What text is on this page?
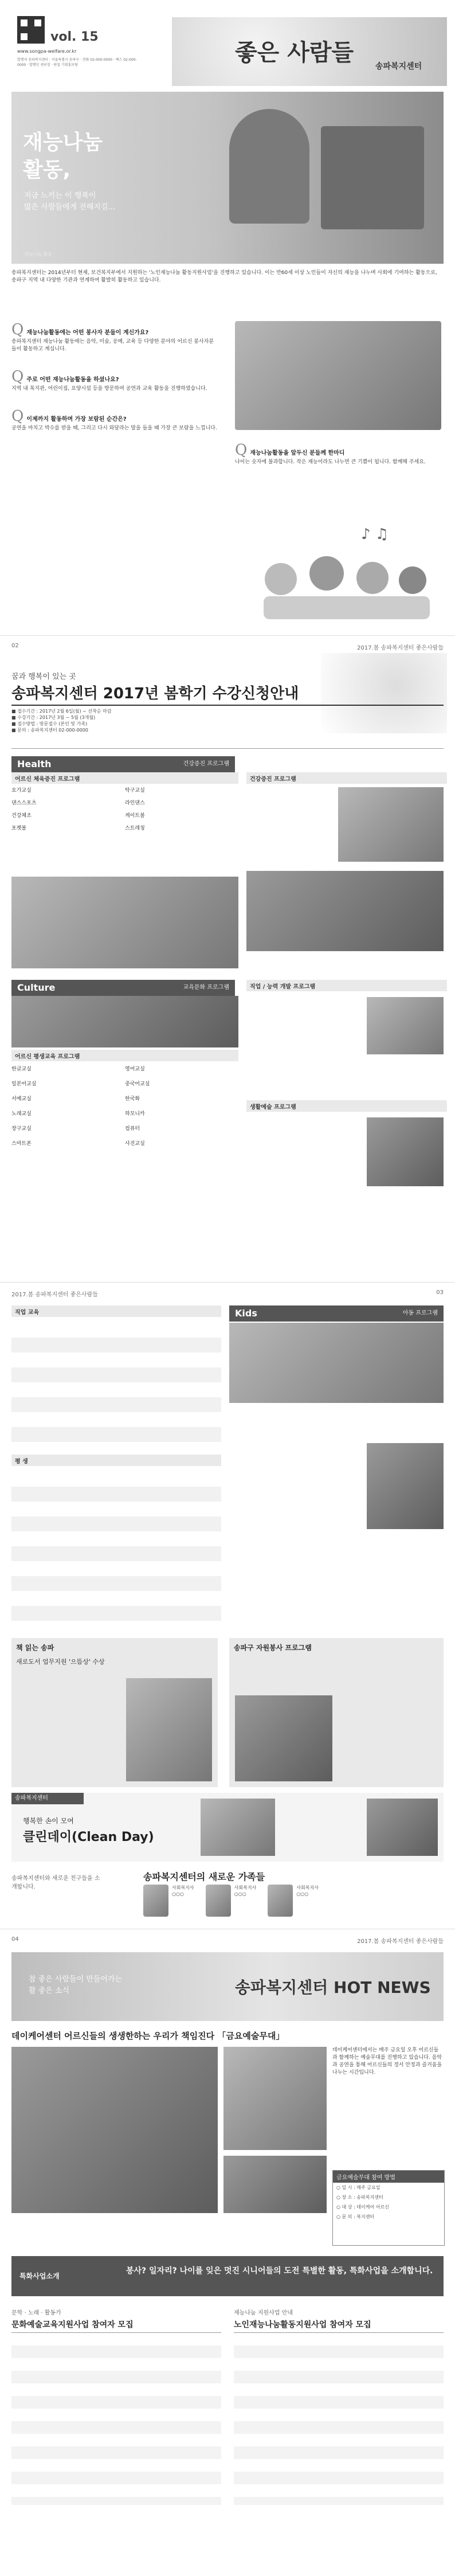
vol. 15
www.songpa-welfare.or.kr
발행처 송파복지센터 · 서울특별시 송파구 · 전화 02-000-0000 · 팩스 02-000-0000 · 발행인 센터장 · 편집 기획홍보팀	좋은 사람들
송파복지센터
재능나눔
활동,
지금 느끼는 이 행복이
많은 사람들에게 전해지길...
재능나눔 활동
송파복지센터는 2014년부터 현재, 보건복지부에서 지원하는 '노인재능나눔 활동지원사업'을 진행하고 있습니다. 이는 만60세 이상 노인들이 자신의 재능을 나누며 사회에 기여하는 활동으로, 송파구 지역 내 다양한 기관과 연계하여 활발히 활동하고 있습니다.
Q 재능나눔활동에는 어떤 봉사자 분들이 계신가요?
송파복지센터 재능나눔 활동에는 음악, 미술, 공예, 교육 등 다양한 분야의 어르신 봉사자분들이 활동하고 계십니다.
Q 주로 어떤 재능나눔활동을 하셨나요?
지역 내 복지관, 어린이집, 요양시설 등을 방문하여 공연과 교육 활동을 진행하였습니다.
Q 이제까지 활동하며 가장 보람된 순간은?
공연을 마치고 박수를 받을 때, 그리고 다시 와달라는 말을 들을 때 가장 큰 보람을 느낍니다.
Q 재능나눔활동을 앞두신 분들께 한마디
나이는 숫자에 불과합니다. 작은 재능이라도 나누면 큰 기쁨이 됩니다. 함께해 주세요.
♪ ♫
02	2017.봄 송파복지센터 좋은사람들
꿈과 행복이 있는 곳
송파복지센터 2017년 봄학기 수강신청안내
■ 접수기간 : 2017년 2월 6일(월) ~ 선착순 마감
■ 수강기간 : 2017년 3월 ~ 5월 (3개월)
■ 접수방법 : 방문접수 (본인 및 가족)
■ 문의 : 송파복지센터 02-000-0000
Health	건강증진 프로그램
어르신 체육증진 프로그램
요가교실	탁구교실
댄스스포츠	라인댄스
건강체조	게이트볼
포켓볼	스트레칭
Culture	교육문화 프로그램
어르신 평생교육 프로그램
한글교실	영어교실
일본어교실	중국어교실
서예교실	한국화
노래교실	하모니카
장구교실	컴퓨터
스마트폰	사진교실
건강증진 프로그램
직업 / 능력 개발 프로그램
생활예술 프로그램
2017.봄 송파복지센터 좋은사람들	03
직업 교육
평 생
Kids	아동 프로그램
책 읽는 송파
새로도서 업무지원 '으뜸상' 수상
송파구 자원봉사 프로그램
송파복지센터
행복한 손이 모여
클린데이(Clean Day)
송파복지센터와 새로운 친구들을 소개합니다.
송파복지센터의 새로운 가족들
사회복지사
○○○
사회복지사
○○○
사회복지사
○○○
04	2017.봄 송파복지센터 좋은사람들
참 좋은 사람들이 만들어가는
활 좋은 소식	송파복지센터 HOT NEWS
데이케어센터 어르신들의 생생한하는 우리가 책임진다 「금요예술무대」
데이케어센터에서는 매주 금요일 오후 어르신들과 함께하는 예술무대를 진행하고 있습니다. 음악과 공연을 통해 어르신들의 정서 안정과 즐거움을 나누는 시간입니다.
금요예술무대 참여 방법
○ 일 시 : 매주 금요일
○ 장 소 : 송파복지센터
○ 대 상 : 데이케어 어르신
○ 문 의 : 복지센터
특화사업소개
봉사? 일자리? 나이를 잊은 멋진 시니어들의 도전 특별한 활동, 특화사업을 소개합니다.
문학 · 노래 · 활동가
문화예술교육지원사업 참여자 모집
재능나눔 지원사업 안내
노인재능나눔활동지원사업 참여자 모집
